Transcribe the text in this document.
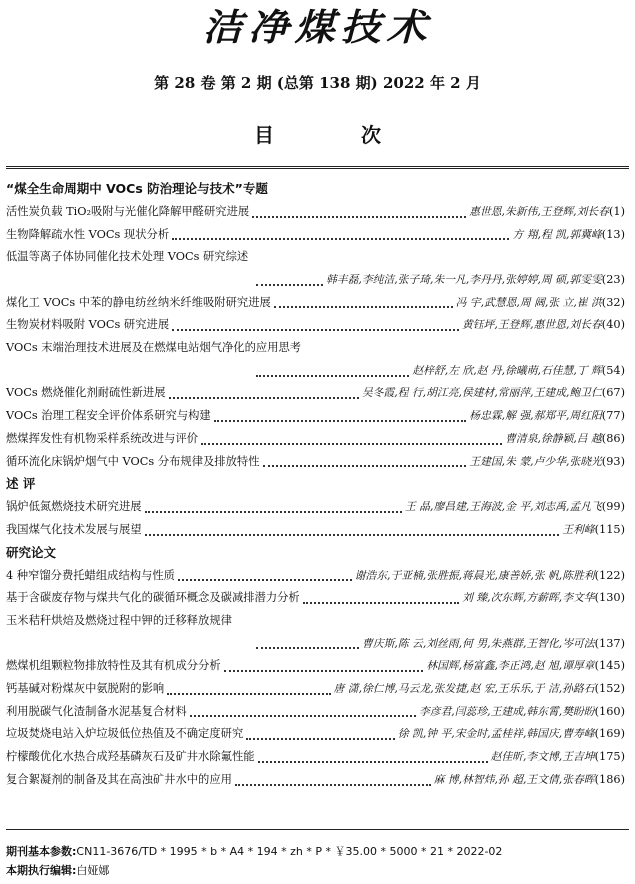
洁净煤技术
第 28 卷 第 2 期 (总第 138 期) 2022 年 2 月
目 次
“煤全生命周期中 VOCs 防治理论与技术”专题
活性炭负载 TiO₂吸附与光催化降解甲醛研究进展	惠世恩,朱新伟,王登辉,刘长春 (1)
生物降解疏水性 VOCs 现状分析	方 翔,程 凯,郭冀峰 (13)
低温等离子体协同催化技术处理 VOCs 研究综述
韩丰磊,李纯洁,张子琦,朱一凡,李丹丹,张婷婷,周 硕,郭雯雯 (23)
煤化工 VOCs 中苯的静电纺丝纳米纤维吸附研究进展	冯 宇,武慧恩,周 阔,张 立,崔 洪 (32)
生物炭材料吸附 VOCs 研究进展	黄钰坪,王登辉,惠世恩,刘长春 (40)
VOCs 末端治理技术进展及在燃煤电站烟气净化的应用思考
赵梓舒,左 欣,赵 丹,徐曦萌,石佳慧,丁 辉 (54)
VOCs 燃烧催化剂耐硫性新进展	吴冬霞,程 行,胡江亮,侯建材,常丽萍,王建成,鲍卫仁 (67)
VOCs 治理工程安全评价体系研究与构建	杨忠霖,解 强,郝郑平,周红阳 (77)
燃煤挥发性有机物采样系统改进与评价	曹清泉,徐静颖,吕 越 (86)
循环流化床锅炉烟气中 VOCs 分布规律及排放特性	王建国,朱 蒙,卢少华,张晓光 (93)
述 评
锅炉低氮燃烧技术研究进展	王 晶,廖昌建,王海波,金 平,刘志禹,孟凡飞 (99)
我国煤气化技术发展与展望	王利峰 (115)
研究论文
4 种窄馏分费托蜡组成结构与性质	谢浩东,于亚楠,张胜振,蒋晨光,康善娇,张 帆,陈胜利 (122)
基于含碳废存物与煤共气化的碳循环概念及碳减排潜力分析	刘 臻,次东辉,方薪晖,李文华 (130)
玉米秸秆烘焙及燃烧过程中钾的迁移释放规律
曹庆斯,陈 云,刘丝雨,何 男,朱燕群,王智化,岑可法 (137)
燃煤机组颗粒物排放特性及其有机成分分析	林国辉,杨富鑫,李正鸿,赵 旭,谭厚章 (145)
钙基碱对粉煤灰中氨脱附的影响	唐 潇,徐仁博,马云龙,张发捷,赵 宏,王乐乐,于 洁,孙路石 (152)
利用脱碳气化渣制备水泥基复合材料	李彦君,闫蕊珍,王建成,韩东霄,樊盼盼 (160)
垃圾焚烧电站入炉垃圾低位热值及不确定度研究	徐 凯,钟 平,宋金时,孟桂祥,韩国庆,曹寿峰 (169)
柠檬酸优化水热合成羟基磷灰石及矿井水除氟性能	赵佳昕,李文博,王吉坤 (175)
复合絮凝剂的制备及其在高浊矿井水中的应用	麻 博,林智炜,孙 超,王文倩,张春晖 (186)
期刊基本参数:CN11-3676/TD * 1995 * b * A4 * 194 * zh * P * ￥35.00 * 5000 * 21 * 2022-02
本期执行编辑:白娅娜
